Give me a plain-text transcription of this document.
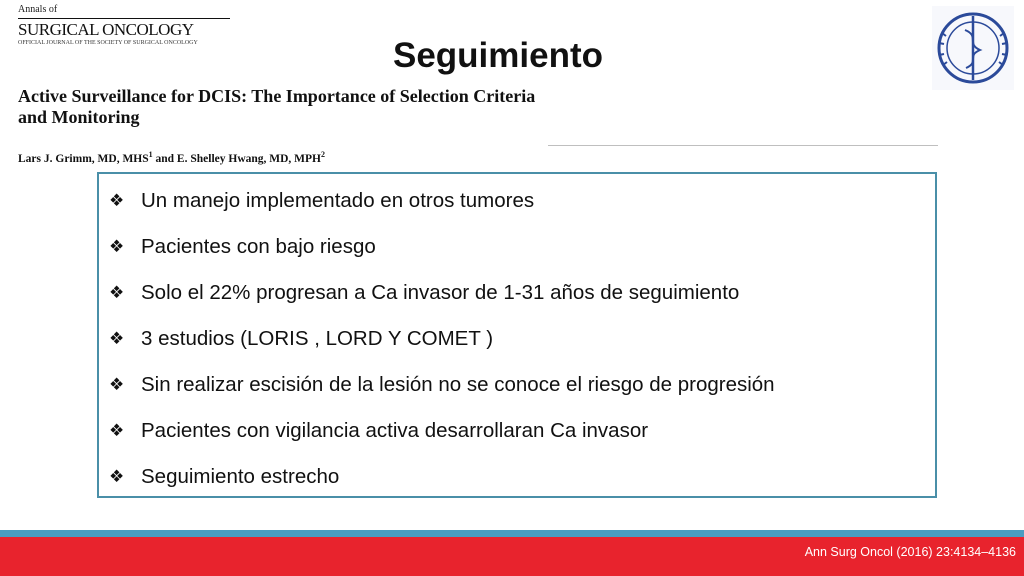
Annals of
SURGICAL ONCOLOGY
OFFICIAL JOURNAL OF THE SOCIETY OF SURGICAL ONCOLOGY	Seguimiento
Active Surveillance for DCIS: The Importance of Selection Criteria and Monitoring
Lars J. Grimm, MD, MHS$^1$ and E. Shelley Hwang, MD, MPH$^2$
❖ Un manejo implementado en otros tumores
❖ Pacientes con bajo riesgo
❖ Solo el 22% progresan a Ca invasor de 1-31 años de seguimiento
❖ 3 estudios (LORIS , LORD Y COMET )
❖ Sin realizar escisión de la lesión no se conoce el riesgo de progresión
❖ Pacientes con vigilancia activa desarrollaran Ca invasor
❖ Seguimiento estrecho
Ann Surg Oncol (2016) 23:4134–4136
